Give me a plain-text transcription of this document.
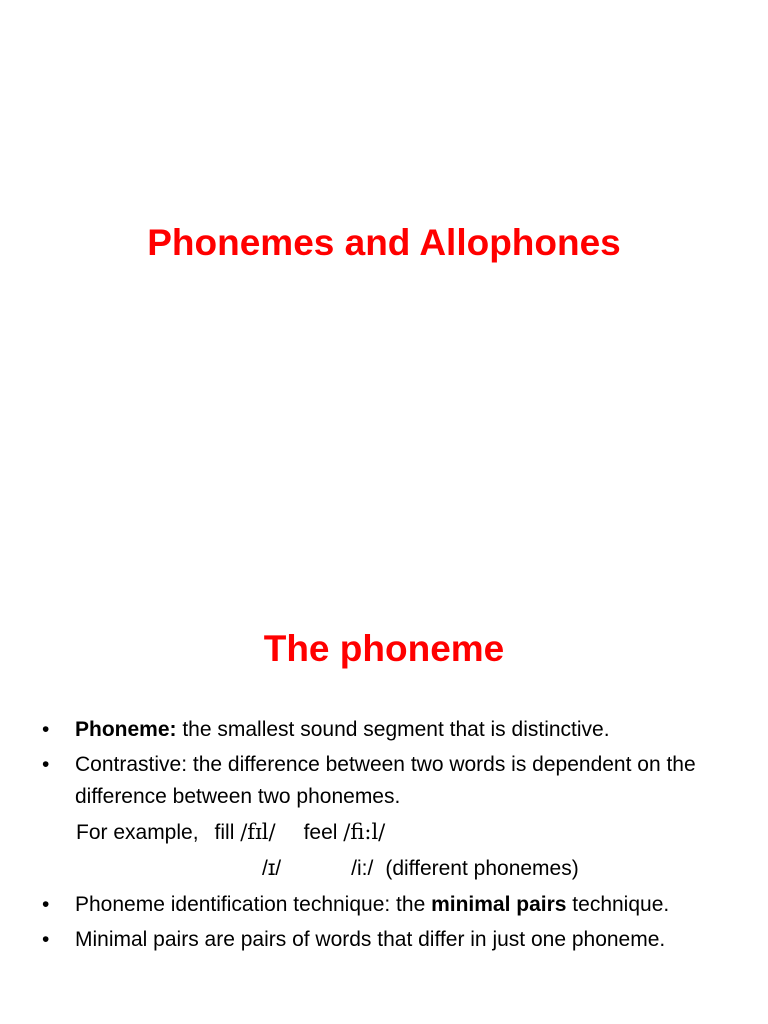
Phonemes and Allophones
The phoneme
•	Phoneme: the smallest sound segment that is distinctive.
•	Contrastive: the difference between two words is dependent on the difference between two phonemes.
For example, fill /fɪl/ feel /fi:l/
/ɪ/	/i:/ (different phonemes)
•	Phoneme identification technique: the minimal pairs technique.
•	Minimal pairs are pairs of words that differ in just one phoneme.
